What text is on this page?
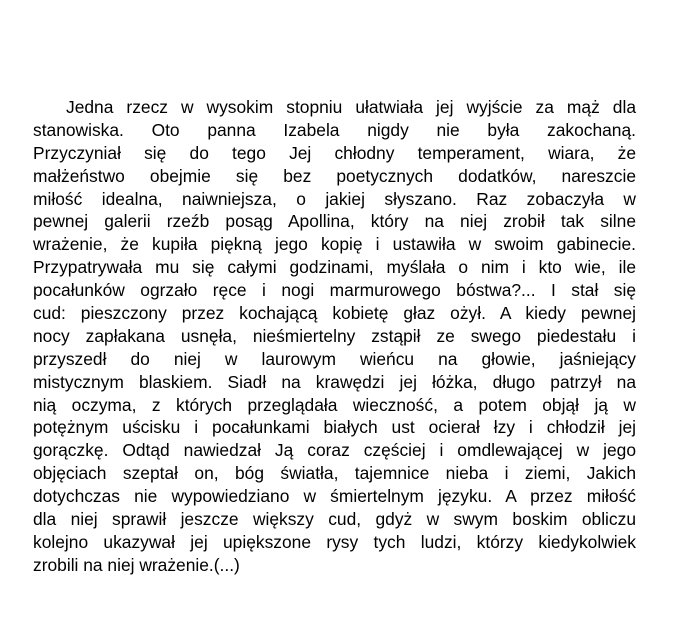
Jedna rzecz w wysokim stopniu ułatwiała jej wyjście za mąż dla
stanowiska. Oto panna Izabela nigdy nie była zakochaną.
Przyczyniał się do tego Jej chłodny temperament, wiara, że
małżeństwo obejmie się bez poetycznych dodatków, nareszcie
miłość idealna, naiwniejsza, o jakiej słyszano. Raz zobaczyła w
pewnej galerii rzeźb posąg Apollina, który na niej zrobił tak silne
wrażenie, że kupiła piękną jego kopię i ustawiła w swoim gabinecie.
Przypatrywała mu się całymi godzinami, myślała o nim i kto wie, ile
pocałunków ogrzało ręce i nogi marmurowego bóstwa?... I stał się
cud: pieszczony przez kochającą kobietę głaz ożył. A kiedy pewnej
nocy zapłakana usnęła, nieśmiertelny zstąpił ze swego piedestału i
przyszedł do niej w laurowym wieńcu na głowie, jaśniejący
mistycznym blaskiem. Siadł na krawędzi jej łóżka, długo patrzył na
nią oczyma, z których przeglądała wieczność, a potem objął ją w
potężnym uścisku i pocałunkami białych ust ocierał łzy i chłodził jej
gorączkę. Odtąd nawiedzał Ją coraz częściej i omdlewającej w jego
objęciach szeptał on, bóg światła, tajemnice nieba i ziemi, Jakich
dotychczas nie wypowiedziano w śmiertelnym języku. A przez miłość
dla niej sprawił jeszcze większy cud, gdyż w swym boskim obliczu
kolejno ukazywał jej upiększone rysy tych ludzi, którzy kiedykolwiek
zrobili na niej wrażenie.(...)
